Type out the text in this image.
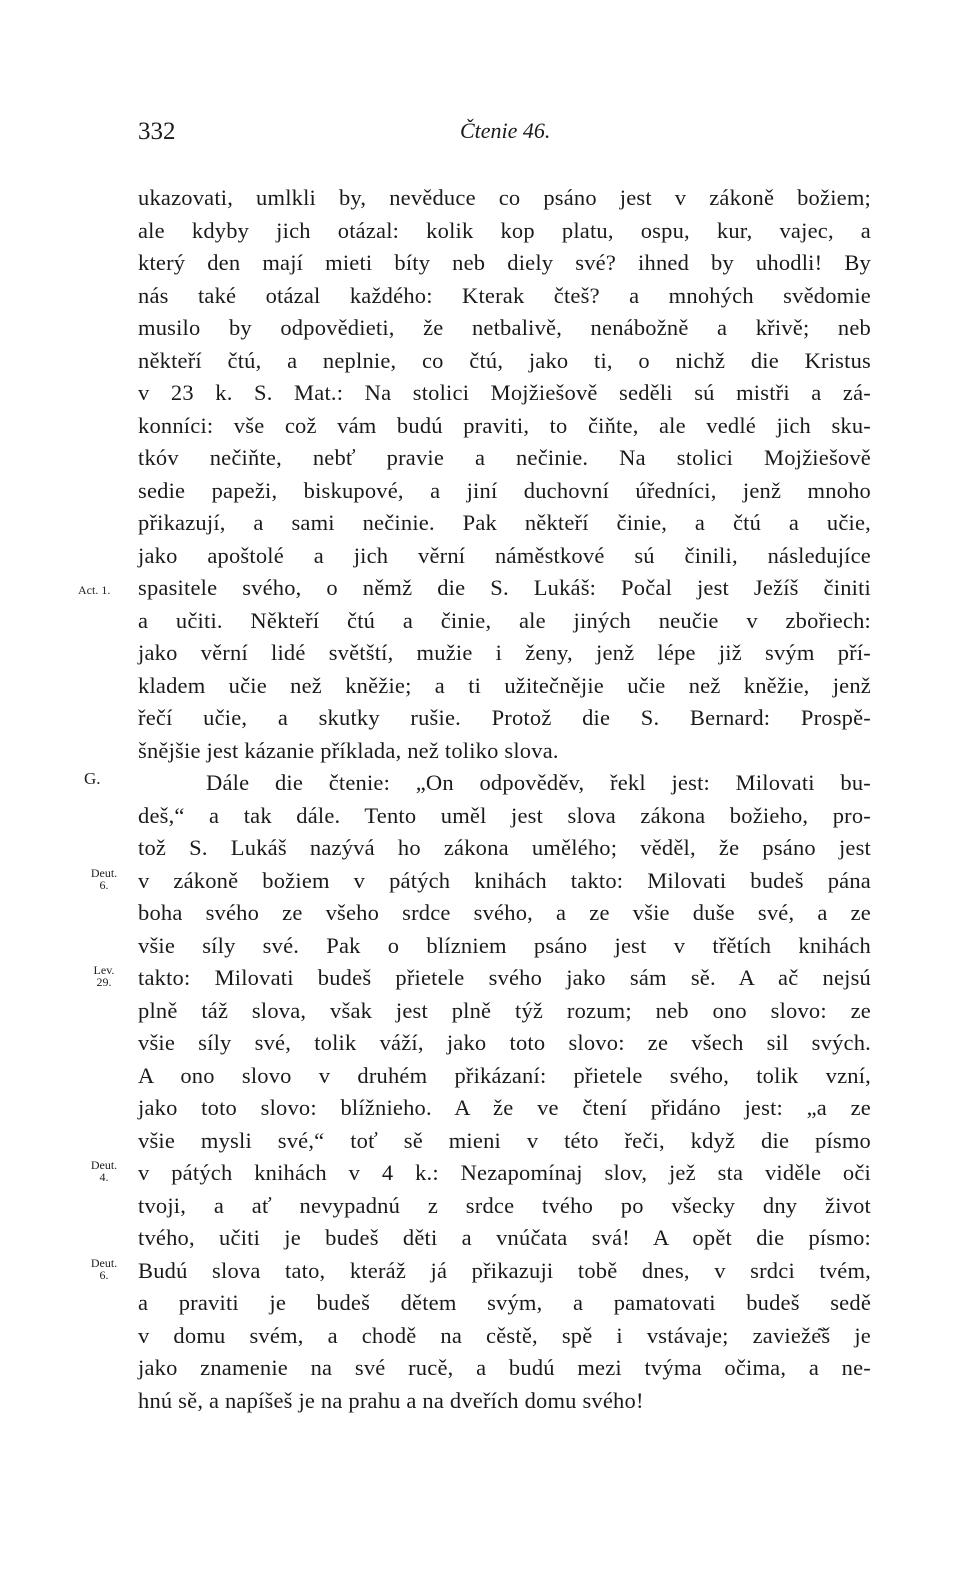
332	Čtenie 46.
ukazovati, umlkli by, nevěduce co psáno jest v zákoně božiem;
ale kdyby jich otázal: kolik kop platu, ospu, kur, vajec, a
který den mají mieti bíty neb diely své? ihned by uhodli! By
nás také otázal každého: Kterak čteš? a mnohých svědomie
musilo by odpovědieti, že netbalivě, nenábožně a křivě; neb
někteří čtú, a neplnie, co čtú, jako ti, o nichž die Kristus
v 23 k. S. Mat.: Na stolici Mojžiešově seděli sú mistři a zá-
konníci: vše což vám budú praviti, to čiňte, ale vedlé jich sku-
tkóv nečiňte, nebť pravie a nečinie. Na stolici Mojžiešově
sedie papeži, biskupové, a jiní duchovní úředníci, jenž mnoho
přikazují, a sami nečinie. Pak někteří činie, a čtú a učie,
jako apoštolé a jich věrní náměstkové sú činili, následujíce
Act. 1. spasitele svého, o němž die S. Lukáš: Počal jest Ježíš činiti
a učiti. Někteří čtú a činie, ale jiných neučie v zbořiech:
jako věrní lidé světští, mužie i ženy, jenž lépe již svým pří-
kladem učie než kněžie; a ti užitečnějie učie než kněžie, jenž
řečí učie, a skutky rušie. Protož die S. Bernard: Prospě-
šnějšie jest kázanie příklada, než toliko slova.
G.	Dále die čtenie: „On odpověděv, řekl jest: Milovati bu-
deš,“ a tak dále. Tento uměl jest slova zákona božieho, pro-
tož S. Lukáš nazývá ho zákona umělého; věděl, že psáno jest
Deut.
6.	v zákoně božiem v pátých knihách takto: Milovati budeš pána
boha svého ze všeho srdce svého, a ze všie duše své, a ze
všie síly své. Pak o blízniem psáno jest v třětích knihách
Lev.
29.	takto: Milovati budeš přietele svého jako sám sě. A ač nejsú
plně táž slova, však jest plně týž rozum; neb ono slovo: ze
všie síly své, tolik váží, jako toto slovo: ze všech sil svých.
A ono slovo v druhém přikázaní: přietele svého, tolik vzní,
jako toto slovo: blížnieho. A že ve čtení přidáno jest: „a ze
všie mysli své,“ toť sě mieni v této řeči, když die písmo
Deut.
4.	v pátých knihách v 4 k.: Nezapomínaj slov, jež sta viděle oči
tvoji, a ať nevypadnú z srdce tvého po všecky dny život
tvého, učiti je budeš děti a vnúčata svá! A opět die písmo:
Deut.
6.	Budú slova tato, kteráž já přikazuji tobě dnes, v srdci tvém,
a praviti je budeš dětem svým, a pamatovati budeš sedě
v domu svém, a chodě na cěstě, spě i vstávaje; zavieže͂š je
jako znamenie na své rucě, a budú mezi tvýma očima, a ne-
hnú sě, a napíšeš je na prahu a na dveřích domu svého!
